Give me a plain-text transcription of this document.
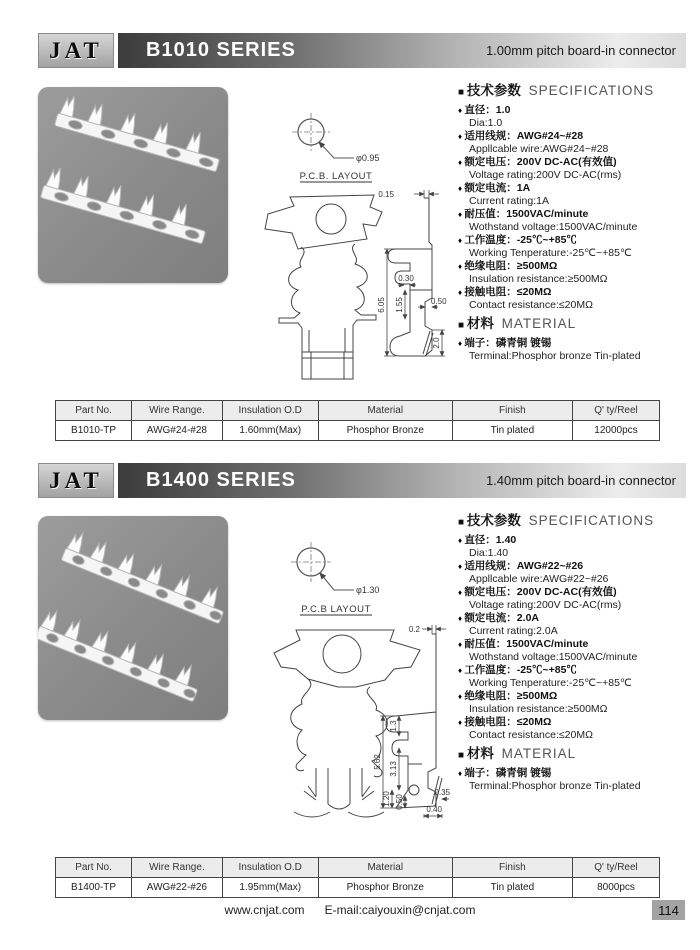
JAT	B1010 SERIES	1.00mm pitch board-in connector
φ0.95
P.C.B. LAYOUT
0.15
6.05
0.30
1.55	0.50
2.0
■ 技术参数 SPECIFICATIONS
♦ 直径：1.0
Dia:1.0
♦ 适用线规：AWG#24~#28
Appllcable wire:AWG#24~#28
♦ 额定电压：200V DC-AC(有效值)
Voltage rating:200V DC-AC(rms)
♦ 额定电流：1A
Current rating:1A
♦ 耐压值：1500VAC/minute
Wothstand voltage:1500VAC/minute
♦ 工作温度：-25℃~+85℃
Working Tenperature:-25℃~+85℃
♦ 绝缘电阻：≥500MΩ
Insulation resistance:≥500MΩ
♦ 接触电阻：≤20MΩ
Contact resistance:≤20MΩ
■ 材料 MATERIAL
♦ 端子：磷青铜 镀锡
Terminal:Phosphor bronze Tin-plated
Part No.	Wire Range.	Insulation O.D	Material	Finish	Q' ty/Reel
B1010-TP	AWG#24-#28	1.60mm(Max)	Phosphor Bronze	Tin plated	12000pcs
JAT	B1400 SERIES	1.40mm pitch board-in connector
φ1.30
P.C.B LAYOUT
0.2
5.62
1.3
3.13
1.20 0.50
0.35
0.40
■ 技术参数 SPECIFICATIONS
♦ 直径：1.40
Dia:1.40
♦ 适用线规：AWG#22~#26
Appllcable wire:AWG#22~#26
♦ 额定电压：200V DC-AC(有效值)
Voltage rating:200V DC-AC(rms)
♦ 额定电流：2.0A
Current rating:2.0A
♦ 耐压值：1500VAC/minute
Wothstand voltage:1500VAC/minute
♦ 工作温度：-25℃~+85℃
Working Tenperature:-25℃~+85℃
♦ 绝缘电阻：≥500MΩ
Insulation resistance:≥500MΩ
♦ 接触电阻：≤20MΩ
Contact resistance:≤20MΩ
■ 材料 MATERIAL
♦ 端子：磷青铜 镀锡
Terminal:Phosphor bronze Tin-plated
Part No.	Wire Range.	Insulation O.D	Material	Finish	Q' ty/Reel
B1400-TP	AWG#22-#26	1.95mm(Max)	Phosphor Bronze	Tin plated	8000pcs
www.cnjat.com E-mail:caiyouxin@cnjat.com	114
